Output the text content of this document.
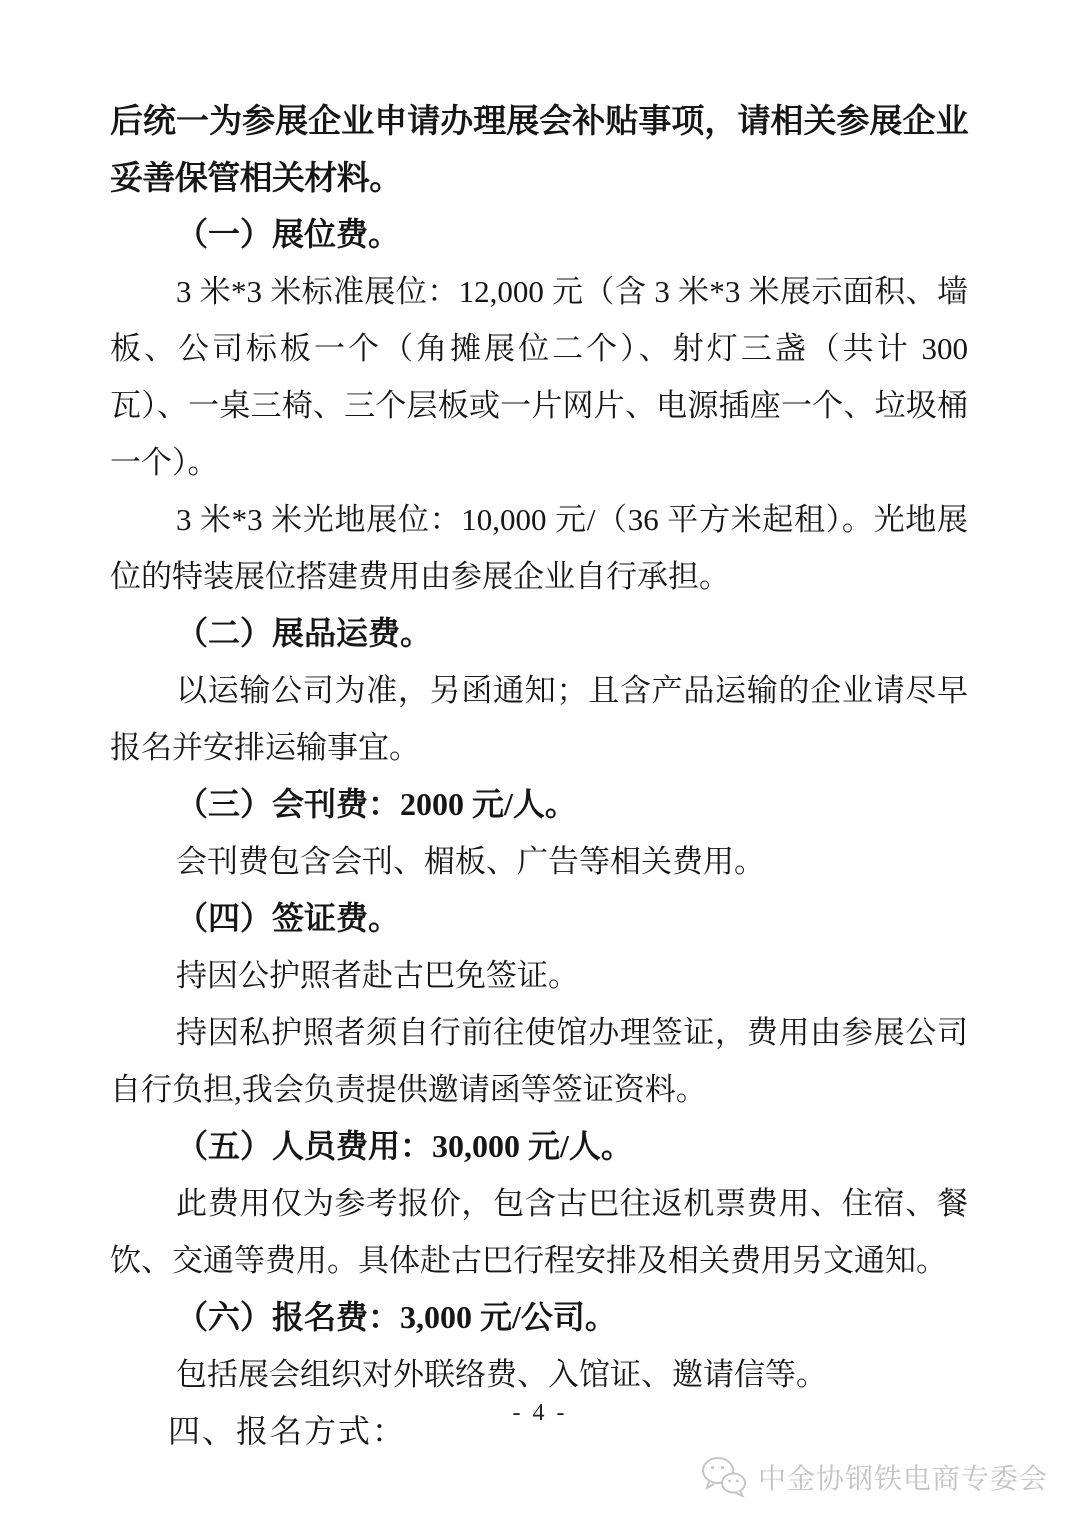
后统一为参展企业申请办理展会补贴事项，请相关参展企业妥善保管相关材料。

（一）展位费。

3 米*3 米标准展位：12,000 元（含 3 米*3 米展示面积、墙板、公司标板一个（角摊展位二个）、射灯三盏（共计 300 瓦）、一桌三椅、三个层板或一片网片、电源插座一个、垃圾桶一个）。

3 米*3 米光地展位：10,000 元/（36 平方米起租）。光地展位的特装展位搭建费用由参展企业自行承担。

（二）展品运费。

以运输公司为准，另函通知；且含产品运输的企业请尽早报名并安排运输事宜。

（三）会刊费：2000 元/人。

会刊费包含会刊、楣板、广告等相关费用。

（四）签证费。

持因公护照者赴古巴免签证。

持因私护照者须自行前往使馆办理签证，费用由参展公司自行负担,我会负责提供邀请函等签证资料。

（五）人员费用：30,000 元/人。

此费用仅为参考报价，包含古巴往返机票费用、住宿、餐饮、交通等费用。具体赴古巴行程安排及相关费用另文通知。

（六）报名费：3,000 元/公司。

包括展会组织对外联络费、入馆证、邀请信等。

四、报名方式：	- 4 -
中金协钢铁电商专委会
